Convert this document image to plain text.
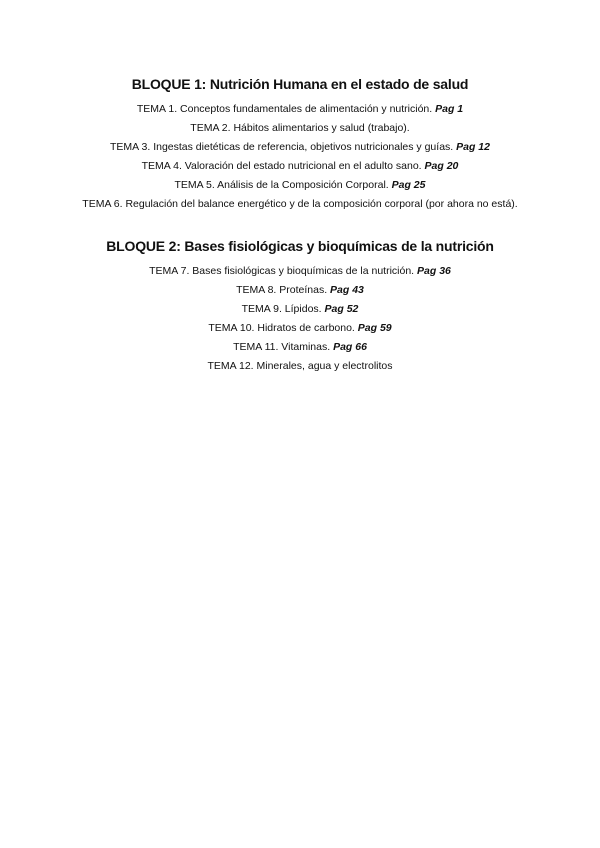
BLOQUE 1: Nutrición Humana en el estado de salud
TEMA 1. Conceptos fundamentales de alimentación y nutrición. Pag 1
TEMA 2. Hábitos alimentarios y salud (trabajo).
TEMA 3. Ingestas dietéticas de referencia, objetivos nutricionales y guías. Pag 12
TEMA 4. Valoración del estado nutricional en el adulto sano. Pag 20
TEMA 5. Análisis de la Composición Corporal. Pag 25
TEMA 6. Regulación del balance energético y de la composición corporal (por ahora no está).
BLOQUE 2: Bases fisiológicas y bioquímicas de la nutrición
TEMA 7. Bases fisiológicas y bioquímicas de la nutrición. Pag 36
TEMA 8. Proteínas. Pag 43
TEMA 9. Lípidos. Pag 52
TEMA 10. Hidratos de carbono. Pag 59
TEMA 11. Vitaminas. Pag 66
TEMA 12. Minerales, agua y electrolitos
